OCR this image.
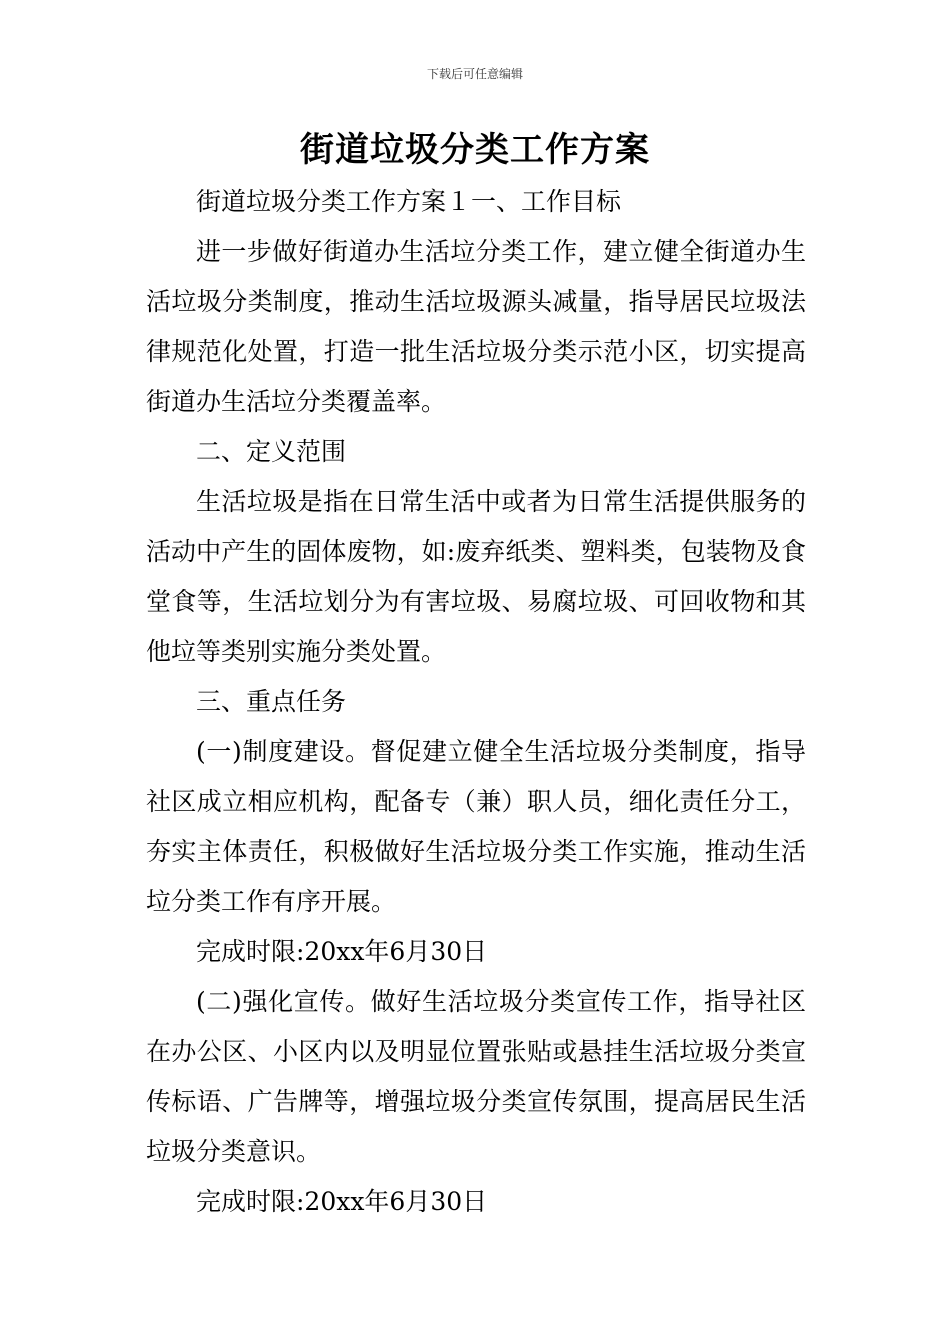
下载后可任意编辑
街道垃圾分类工作方案

街道垃圾分类工作方案１一、工作目标

进一步做好街道办生活垃分类工作，建立健全街道办生活垃圾分类制度，推动生活垃圾源头减量，指导居民垃圾法律规范化处置，打造一批生活垃圾分类示范小区，切实提高街道办生活垃分类覆盖率。

二、定义范围

生活垃圾是指在日常生活中或者为日常生活提供服务的活动中产生的固体废物，如:废弃纸类、塑料类，包装物及食堂食等，生活垃划分为有害垃圾、易腐垃圾、可回收物和其他垃等类别实施分类处置。

三、重点任务

(一)制度建设。督促建立健全生活垃圾分类制度，指导社区成立相应机构，配备专（兼）职人员，细化责任分工，夯实主体责任，积极做好生活垃圾分类工作实施，推动生活垃分类工作有序开展。

完成时限:20xx年6月30日

(二)强化宣传。做好生活垃圾分类宣传工作，指导社区在办公区、小区内以及明显位置张贴或悬挂生活垃圾分类宣传标语、广告牌等，增强垃圾分类宣传氛围，提高居民生活垃圾分类意识。

完成时限:20xx年6月30日
